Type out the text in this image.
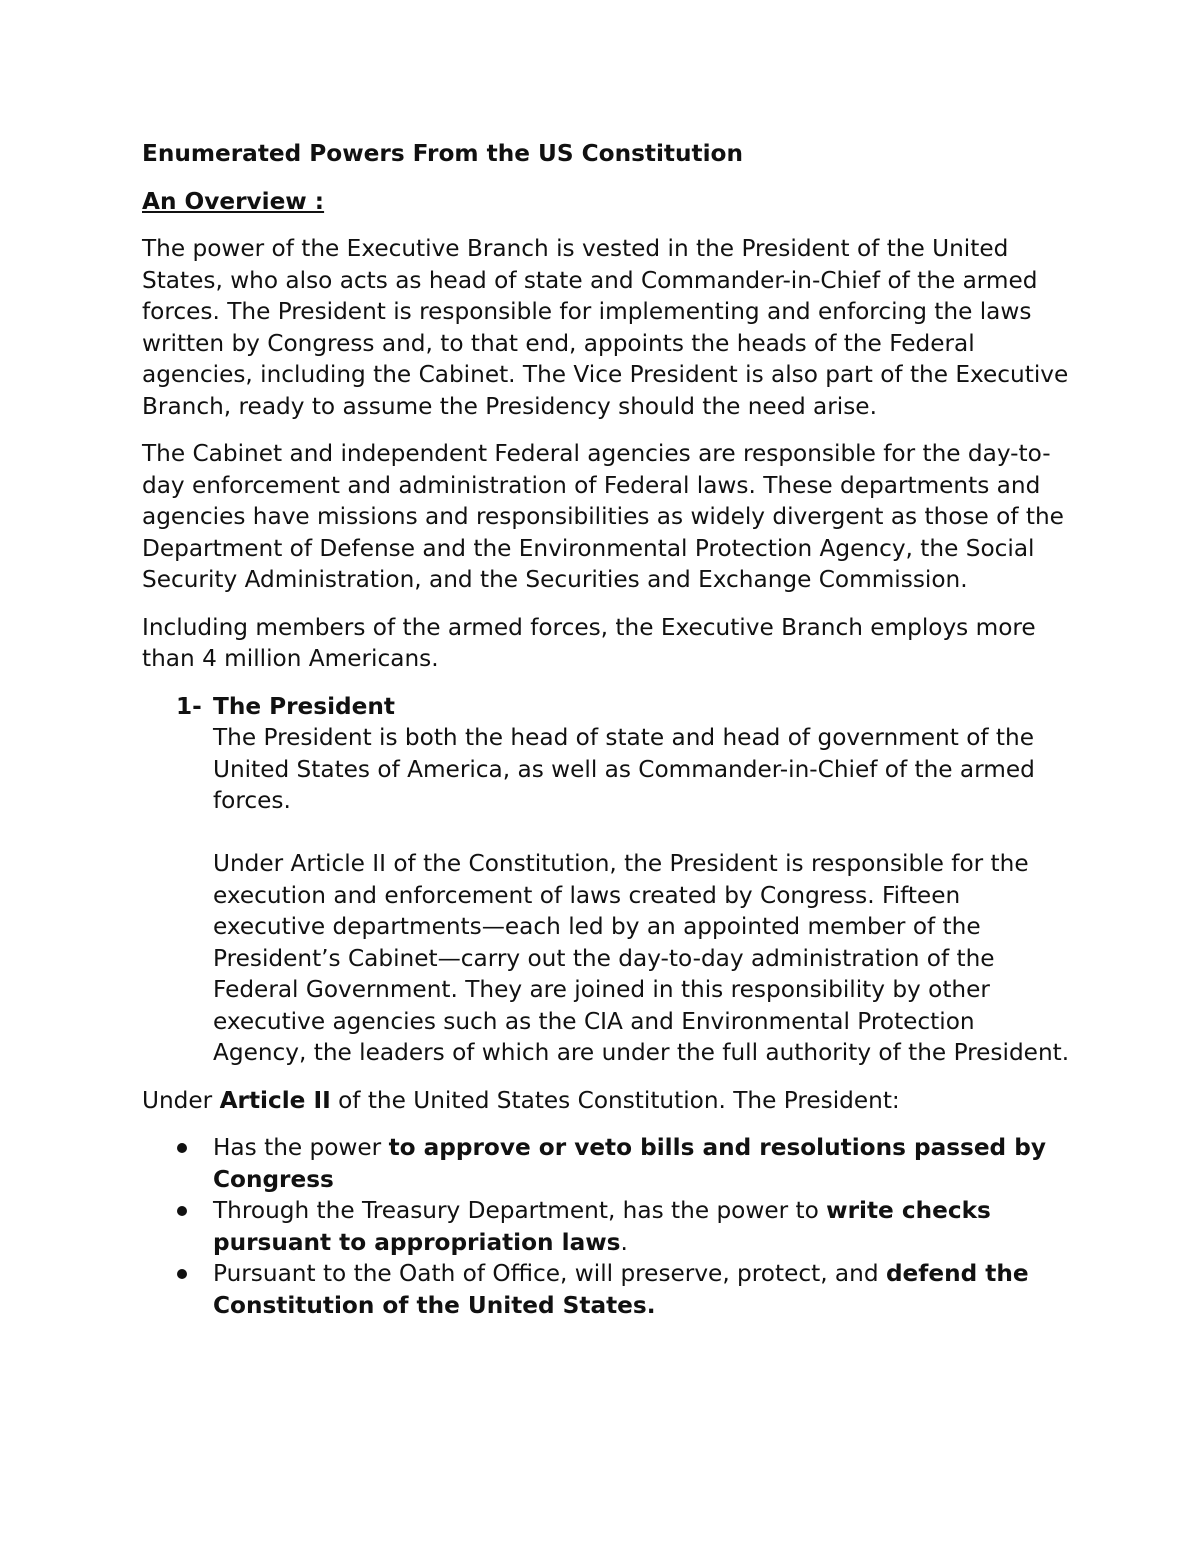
Enumerated Powers From the US Constitution
An Overview :

The power of the Executive Branch is vested in the President of the United States, who also acts as head of state and Commander-in-Chief of the armed forces. The President is responsible for implementing and enforcing the laws written by Congress and, to that end, appoints the heads of the Federal agencies, including the Cabinet. The Vice President is also part of the Executive Branch, ready to assume the Presidency should the need arise.

The Cabinet and independent Federal agencies are responsible for the day-to-day enforcement and administration of Federal laws. These departments and agencies have missions and responsibilities as widely divergent as those of the Department of Defense and the Environmental Protection Agency, the Social Security Administration, and the Securities and Exchange Commission.

Including members of the armed forces, the Executive Branch employs more than 4 million Americans.

1- The President
The President is both the head of state and head of government of the United States of America, as well as Commander-in-Chief of the armed forces.
Under Article II of the Constitution, the President is responsible for the execution and enforcement of laws created by Congress. Fifteen executive departments—each led by an appointed member of the President’s Cabinet—carry out the day-to-day administration of the Federal Government. They are joined in this responsibility by other executive agencies such as the CIA and Environmental Protection Agency, the leaders of which are under the full authority of the President.
Under Article II of the United States Constitution. The President:
Has the power to approve or veto bills and resolutions passed by Congress
Through the Treasury Department, has the power to write checks pursuant to appropriation laws.
Pursuant to the Oath of Office, will preserve, protect, and defend the Constitution of the United States.
